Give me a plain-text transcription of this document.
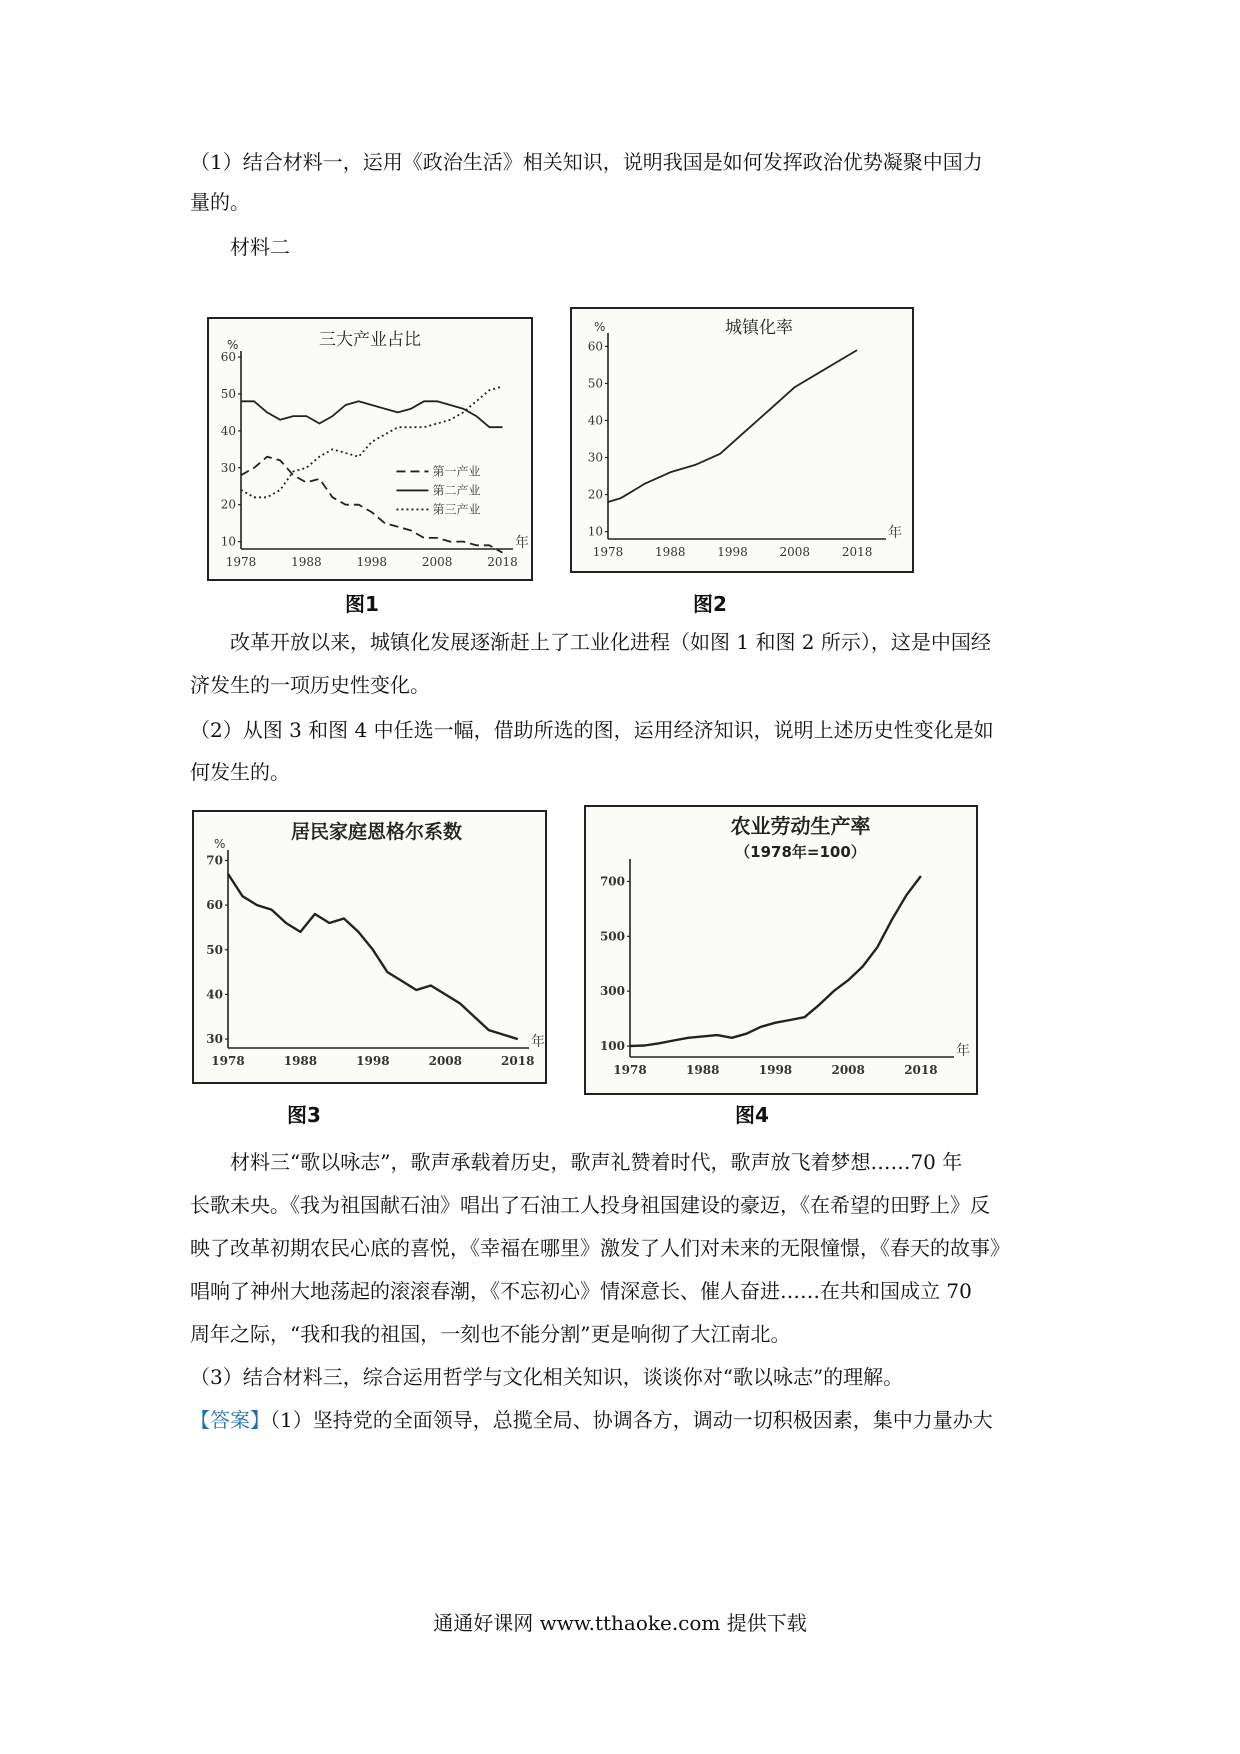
（1）结合材料一，运用《政治生活》相关知识，说明我国是如何发挥政治优势凝聚中国力

量的。

材料二

三大产业占比
%
年
10
20
30
40
50
60
1978	1988	1998	2008	2018
第一产业
第二产业
第三产业
城镇化率
%
年
10
20
30
40
50
60
1978	1988	1998	2008	2018
图1	图2

改革开放以来，城镇化发展逐渐赶上了工业化进程（如图 1 和图 2 所示），这是中国经

济发生的一项历史性变化。

（2）从图 3 和图 4 中任选一幅，借助所选的图，运用经济知识，说明上述历史性变化是如

何发生的。

居民家庭恩格尔系数
%
年
30
40
50
60
70
1978	1988	1998	2008	2018
农业劳动生产率
（1978年=100）
年
100
300
500
700
1978	1988	1998	2008	2018
图3	图4

材料三“歌以咏志”，歌声承载着历史，歌声礼赞着时代，歌声放飞着梦想……70 年

长歌未央。《我为祖国献石油》唱出了石油工人投身祖国建设的豪迈，《在希望的田野上》反

映了改革初期农民心底的喜悦，《幸福在哪里》激发了人们对未来的无限憧憬，《春天的故事》

唱响了神州大地荡起的滚滚春潮，《不忘初心》情深意长、催人奋进……在共和国成立 70

周年之际，“我和我的祖国，一刻也不能分割”更是响彻了大江南北。

（3）结合材料三，综合运用哲学与文化相关知识，谈谈你对“歌以咏志”的理解。

【答案】（1）坚持党的全面领导，总揽全局、协调各方，调动一切积极因素，集中力量办大

通通好课网 www.tthaoke.com 提供下载
